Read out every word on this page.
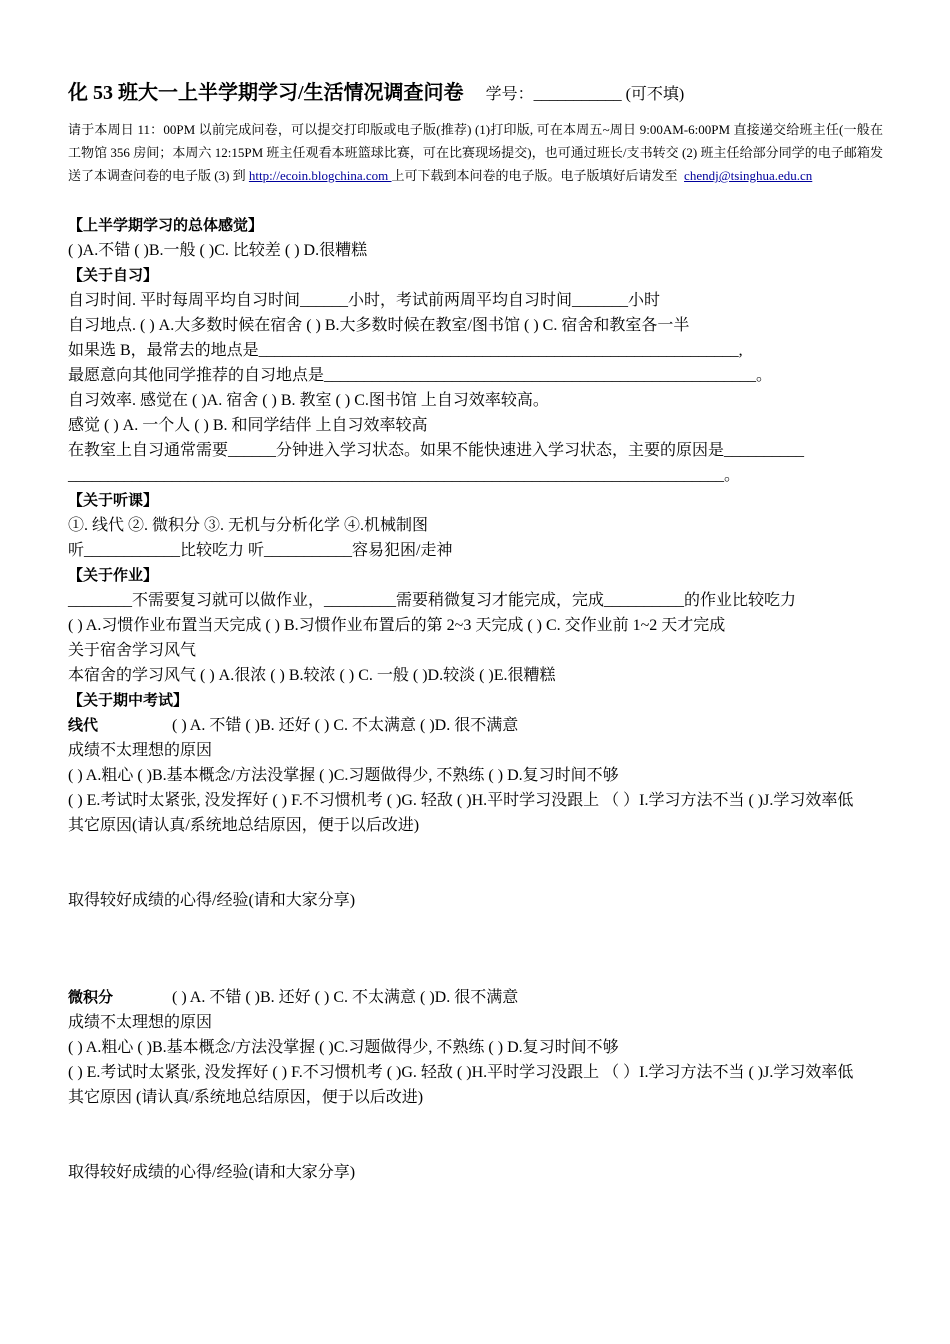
化 53 班大一上半学期学习/生活情况调查问卷 学号：___________ (可不填)
请于本周日 11：00PM 以前完成问卷，可以提交打印版或电子版(推荐) (1)打印版, 可在本周五~周日 9:00AM-6:00PM 直接递交给班主任(一般在工物馆 356 房间；本周六 12:15PM 班主任观看本班篮球比赛，可在比赛现场提交)，也可通过班长/支书转交 (2) 班主任给部分同学的电子邮箱发送了本调查问卷的电子版 (3) 到 http://ecoin.blogchina.com 上可下载到本问卷的电子版。电子版填好后请发至  chendj@tsinghua.edu.cn
【上半学期学习的总体感觉】
( )A.不错 ( )B.一般 ( )C. 比较差 ( ) D.很糟糕
【关于自习】
自习时间. 平时每周平均自习时间______小时，考试前两周平均自习时间_______小时
自习地点. ( ) A.大多数时候在宿舍 ( ) B.大多数时候在教室/图书馆 ( ) C. 宿舍和教室各一半
如果选 B，最常去的地点是____________________________________________________________,
最愿意向其他同学推荐的自习地点是______________________________________________________。
自习效率. 感觉在 ( )A. 宿舍 ( ) B. 教室 ( ) C.图书馆 上自习效率较高。
感觉 ( ) A. 一个人 ( ) B. 和同学结伴 上自习效率较高
在教室上自习通常需要______分钟进入学习状态。如果不能快速进入学习状态，主要的原因是__________
__________________________________________________________________________________。
【关于听课】
①. 线代 ②. 微积分 ③. 无机与分析化学 ④.机械制图
听____________比较吃力 听___________容易犯困/走神
【关于作业】
________不需要复习就可以做作业，_________需要稍微复习才能完成，完成__________的作业比较吃力
( ) A.习惯作业布置当天完成 ( ) B.习惯作业布置后的第 2~3 天完成 ( ) C. 交作业前 1~2 天才完成
关于宿舍学习风气
本宿舍的学习风气 ( ) A.很浓 ( ) B.较浓 ( ) C. 一般 ( )D.较淡 ( )E.很糟糕
【关于期中考试】
线代	( ) A. 不错 ( )B. 还好 ( ) C. 不太满意 ( )D. 很不满意
成绩不太理想的原因
( ) A.粗心 ( )B.基本概念/方法没掌握 ( )C.习题做得少, 不熟练 ( ) D.复习时间不够
( ) E.考试时太紧张, 没发挥好 ( ) F.不习惯机考 ( )G. 轻敌 ( )H.平时学习没跟上 （ ）I.学习方法不当 ( )J.学习效率低
其它原因(请认真/系统地总结原因，便于以后改进)
取得较好成绩的心得/经验(请和大家分享)
微积分	( ) A. 不错 ( )B. 还好 ( ) C. 不太满意 ( )D. 很不满意
成绩不太理想的原因
( ) A.粗心 ( )B.基本概念/方法没掌握 ( )C.习题做得少, 不熟练 ( ) D.复习时间不够
( ) E.考试时太紧张, 没发挥好 ( ) F.不习惯机考 ( )G. 轻敌 ( )H.平时学习没跟上 （ ）I.学习方法不当 ( )J.学习效率低
其它原因 (请认真/系统地总结原因，便于以后改进)
取得较好成绩的心得/经验(请和大家分享)
